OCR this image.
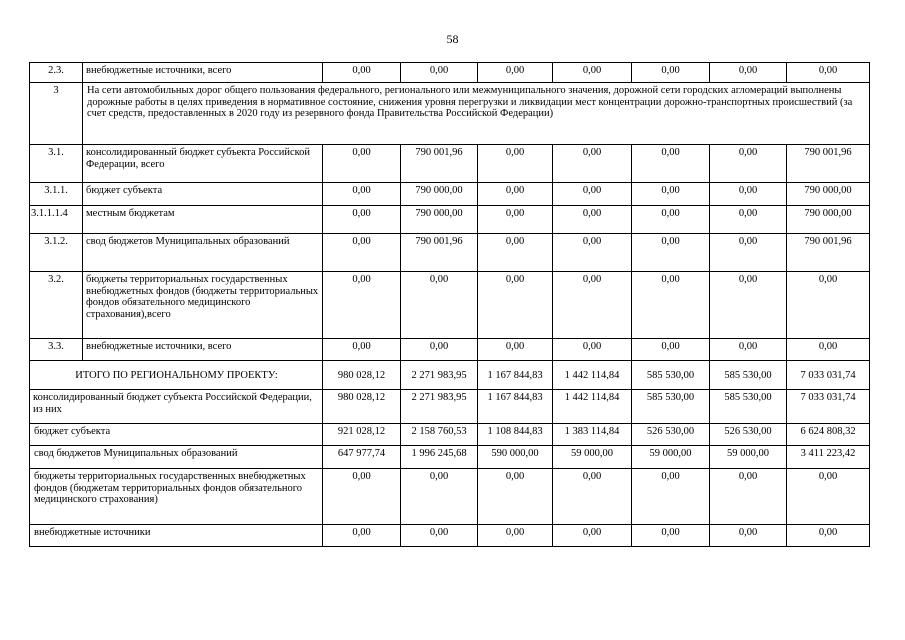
58
2.3.	внебюджетные источники, всего	0,00	0,00	0,00	0,00	0,00	0,00	0,00
3	На сети автомобильных дорог общего пользования федерального, регионального или межмуниципального значения, дорожной сети городских агломераций выполнены дорожные работы в целях приведения в нормативное состояние, снижения уровня перегрузки и ликвидации мест концентрации дорожно-транспортных происшествий (за счет средств, предоставленных в 2020 году из резервного фонда Правительства Российской Федерации)							
3.1.	консолидированный бюджет субъекта Российской Федерации, всего	0,00	790 001,96	0,00	0,00	0,00	0,00	790 001,96
3.1.1.	бюджет субъекта	0,00	790 000,00	0,00	0,00	0,00	0,00	790 000,00
3.1.1.1.4	местным бюджетам	0,00	790 000,00	0,00	0,00	0,00	0,00	790 000,00
3.1.2.	свод бюджетов Муниципальных образований	0,00	790 001,96	0,00	0,00	0,00	0,00	790 001,96
3.2.	бюджеты территориальных государственных внебюджетных фондов (бюджеты территориальных фондов обязательного медицинского страхования),всего	0,00	0,00	0,00	0,00	0,00	0,00	0,00
3.3.	внебюджетные источники, всего	0,00	0,00	0,00	0,00	0,00	0,00	0,00
ИТОГО ПО РЕГИОНАЛЬНОМУ ПРОЕКТУ:		980 028,12	2 271 983,95	1 167 844,83	1 442 114,84	585 530,00	585 530,00	7 033 031,74
консолидированный бюджет субъекта Российской Федерации, из них		980 028,12	2 271 983,95	1 167 844,83	1 442 114,84	585 530,00	585 530,00	7 033 031,74
бюджет субъекта		921 028,12	2 158 760,53	1 108 844,83	1 383 114,84	526 530,00	526 530,00	6 624 808,32
свод бюджетов Муниципальных образований		647 977,74	1 996 245,68	590 000,00	59 000,00	59 000,00	59 000,00	3 411 223,42
бюджеты территориальных государственных внебюджетных фондов (бюджетам территориальных фондов обязательного медицинского страхования)		0,00	0,00	0,00	0,00	0,00	0,00	0,00
внебюджетные источники		0,00	0,00	0,00	0,00	0,00	0,00	0,00
